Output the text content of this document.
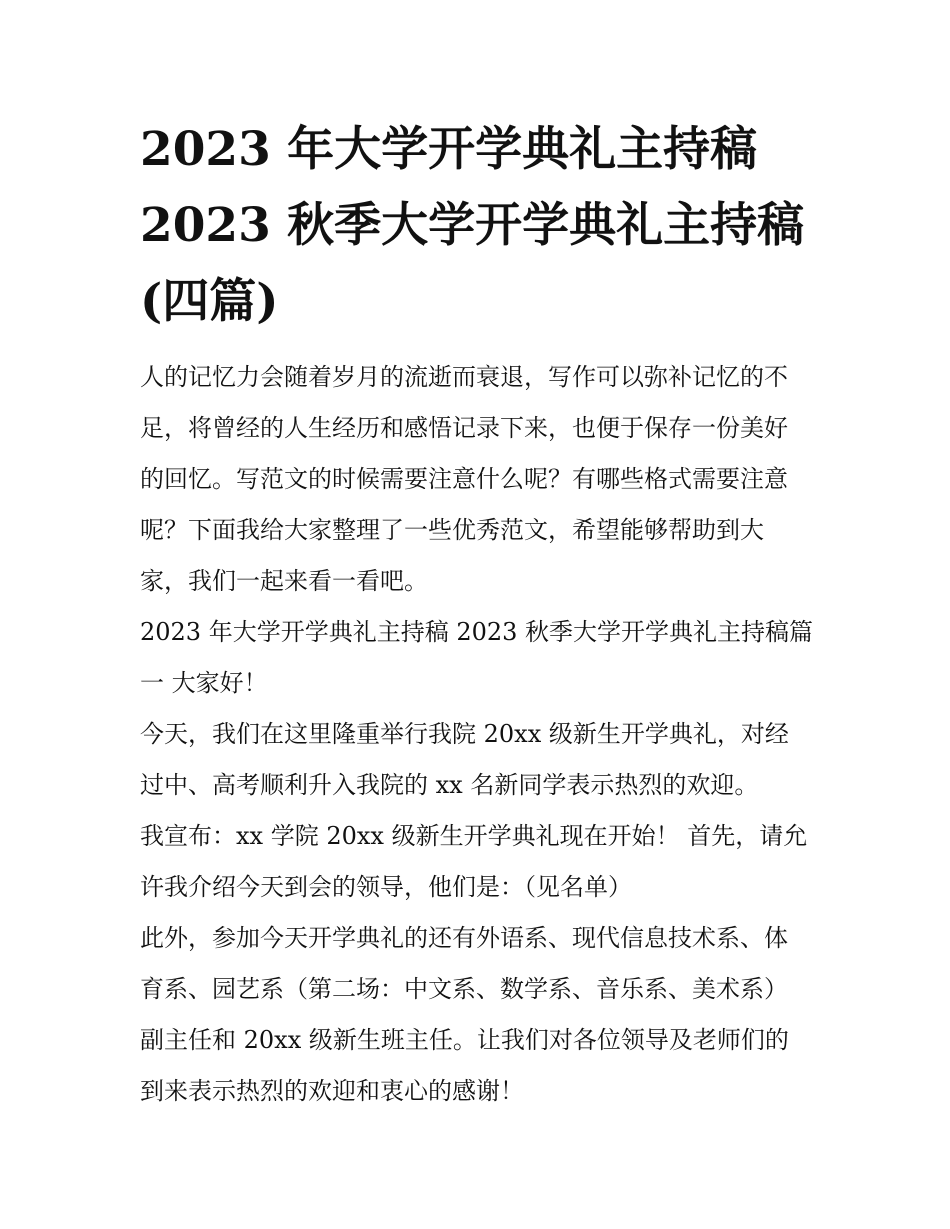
2023 年大学开学典礼主持稿
2023 秋季大学开学典礼主持稿
(四篇)
人的记忆力会随着岁月的流逝而衰退，写作可以弥补记忆的不
足，将曾经的人生经历和感悟记录下来，也便于保存一份美好
的回忆。写范文的时候需要注意什么呢？有哪些格式需要注意
呢？下面我给大家整理了一些优秀范文，希望能够帮助到大
家，我们一起来看一看吧。
2023 年大学开学典礼主持稿 2023 秋季大学开学典礼主持稿篇
一 大家好！
今天，我们在这里隆重举行我院 20xx 级新生开学典礼，对经
过中、高考顺利升入我院的 xx 名新同学表示热烈的欢迎。
我宣布：xx 学院 20xx 级新生开学典礼现在开始！ 首先，请允
许我介绍今天到会的领导，他们是：（见名单）
此外，参加今天开学典礼的还有外语系、现代信息技术系、体
育系、园艺系（第二场：中文系、数学系、音乐系、美术系）
副主任和 20xx 级新生班主任。让我们对各位领导及老师们的
到来表示热烈的欢迎和衷心的感谢！
